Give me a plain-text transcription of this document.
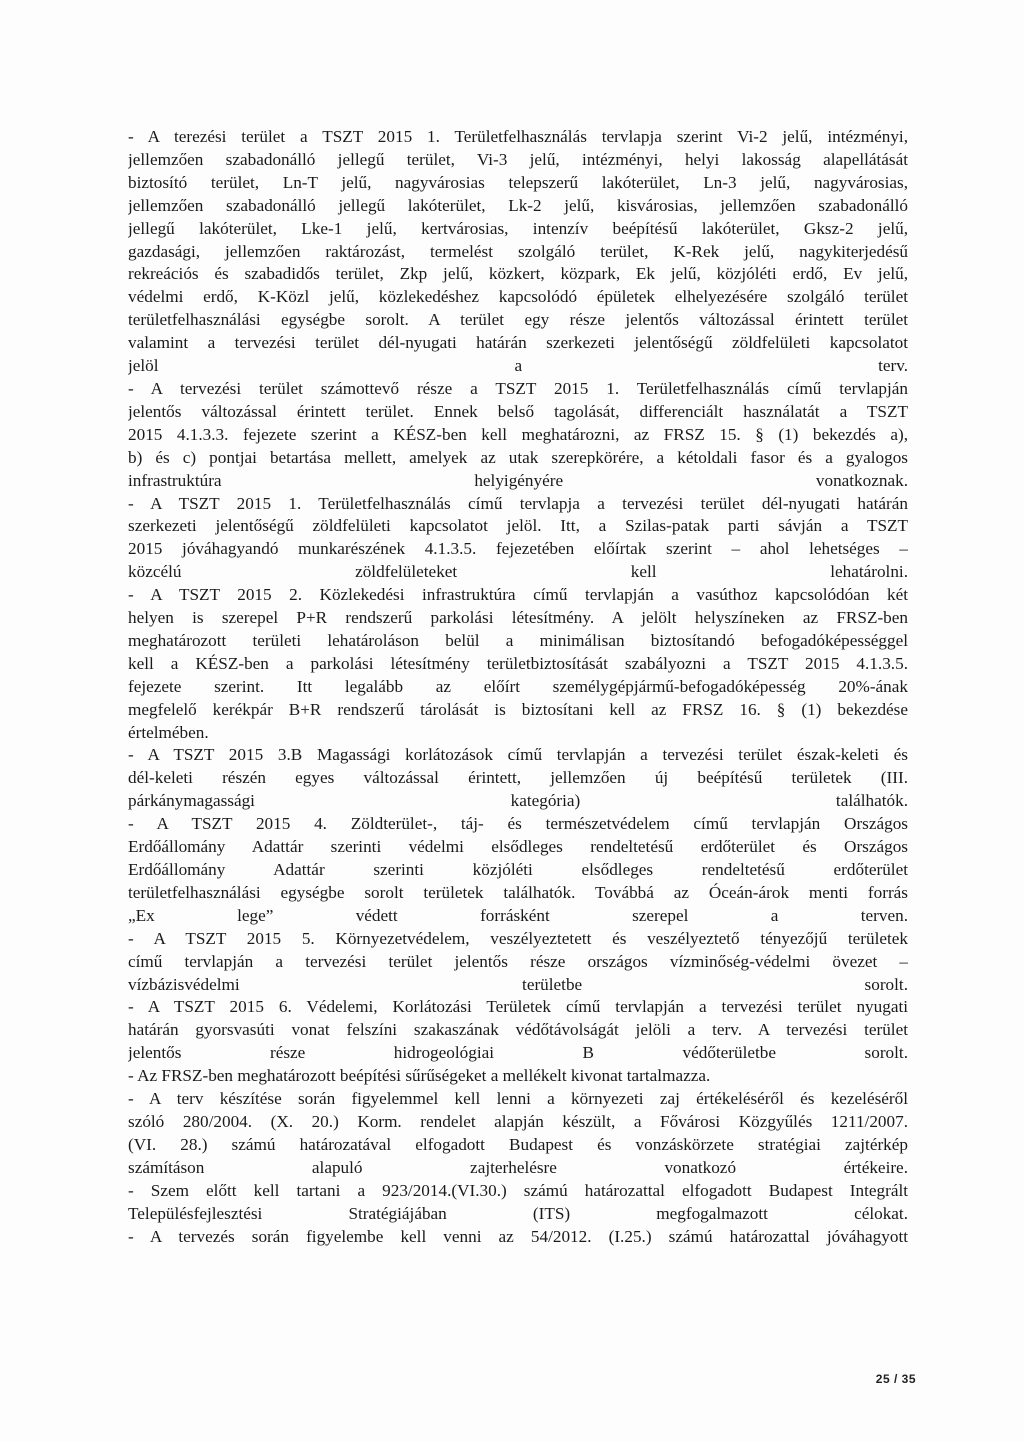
- A terezési terület a TSZT 2015 1. Területfelhasználás tervlapja szerint Vi-2 jelű, intézményi,
jellemzően szabadonálló jellegű terület, Vi-3 jelű, intézményi, helyi lakosság alapellátását
biztosító terület, Ln-T jelű, nagyvárosias telepszerű lakóterület, Ln-3 jelű, nagyvárosias,
jellemzően szabadonálló jellegű lakóterület, Lk-2 jelű, kisvárosias, jellemzően szabadonálló
jellegű lakóterület, Lke-1 jelű, kertvárosias, intenzív beépítésű lakóterület, Gksz-2 jelű,
gazdasági, jellemzően raktározást, termelést szolgáló terület, K-Rek jelű, nagykiterjedésű
rekreációs és szabadidős terület, Zkp jelű, közkert, közpark, Ek jelű, közjóléti erdő, Ev jelű,
védelmi erdő, K-Közl jelű, közlekedéshez kapcsolódó épületek elhelyezésére szolgáló terület
területfelhasználási egységbe sorolt. A terület egy része jelentős változással érintett terület
valamint a tervezési terület dél-nyugati határán szerkezeti jelentőségű zöldfelületi kapcsolatot
jelöl a terv.

- A tervezési terület számottevő része a TSZT 2015 1. Területfelhasználás című tervlapján
jelentős változással érintett terület. Ennek belső tagolását, differenciált használatát a TSZT
2015 4.1.3.3. fejezete szerint a KÉSZ-ben kell meghatározni, az FRSZ 15. § (1) bekezdés a),
b) és c) pontjai betartása mellett, amelyek az utak szerepkörére, a kétoldali fasor és a gyalogos
infrastruktúra helyigényére vonatkoznak.

- A TSZT 2015 1. Területfelhasználás című tervlapja a tervezési terület dél-nyugati határán
szerkezeti jelentőségű zöldfelületi kapcsolatot jelöl. Itt, a Szilas-patak parti sávján a TSZT
2015 jóváhagyandó munkarészének 4.1.3.5. fejezetében előírtak szerint – ahol lehetséges –
közcélú zöldfelületeket kell lehatárolni.

- A TSZT 2015 2. Közlekedési infrastruktúra című tervlapján a vasúthoz kapcsolódóan két
helyen is szerepel P+R rendszerű parkolási létesítmény. A jelölt helyszíneken az FRSZ-ben
meghatározott területi lehatároláson belül a minimálisan biztosítandó befogadóképességgel
kell a KÉSZ-ben a parkolási létesítmény területbiztosítását szabályozni a TSZT 2015 4.1.3.5.
fejezete szerint. Itt legalább az előírt személygépjármű-befogadóképesség 20%-ának
megfelelő kerékpár B+R rendszerű tárolását is biztosítani kell az FRSZ 16. § (1) bekezdése
értelmében.

- A TSZT 2015 3.B Magassági korlátozások című tervlapján a tervezési terület észak-keleti és
dél-keleti részén egyes változással érintett, jellemzően új beépítésű területek (III.
párkánymagassági kategória) találhatók.

- A TSZT 2015 4. Zöldterület-, táj- és természetvédelem című tervlapján Országos
Erdőállomány Adattár szerinti védelmi elsődleges rendeltetésű erdőterület és Országos
Erdőállomány Adattár szerinti közjóléti elsődleges rendeltetésű erdőterület
területfelhasználási egységbe sorolt területek találhatók. Továbbá az Óceán-árok menti forrás
„Ex lege” védett forrásként szerepel a terven.

- A TSZT 2015 5. Környezetvédelem, veszélyeztetett és veszélyeztető tényezőjű területek
című tervlapján a tervezési terület jelentős része országos vízminőség-védelmi övezet –
vízbázisvédelmi területbe sorolt.

- A TSZT 2015 6. Védelemi, Korlátozási Területek című tervlapján a tervezési terület nyugati
határán gyorsvasúti vonat felszíni szakaszának védőtávolságát jelöli a terv. A tervezési terület
jelentős része hidrogeológiai B védőterületbe sorolt.

- Az FRSZ-ben meghatározott beépítési sűrűségeket a mellékelt kivonat tartalmazza.

- A terv készítése során figyelemmel kell lenni a környezeti zaj értékeléséről és kezeléséről
szóló 280/2004. (X. 20.) Korm. rendelet alapján készült, a Fővárosi Közgyűlés 1211/2007.
(VI. 28.) számú határozatával elfogadott Budapest és vonzáskörzete stratégiai zajtérkép
számításon alapuló zajterhelésre vonatkozó értékeire.

- Szem előtt kell tartani a 923/2014.(VI.30.) számú határozattal elfogadott Budapest Integrált
Településfejlesztési Stratégiájában (ITS) megfogalmazott célokat.

- A tervezés során figyelembe kell venni az 54/2012. (I.25.) számú határozattal jóváhagyott

25 / 35
